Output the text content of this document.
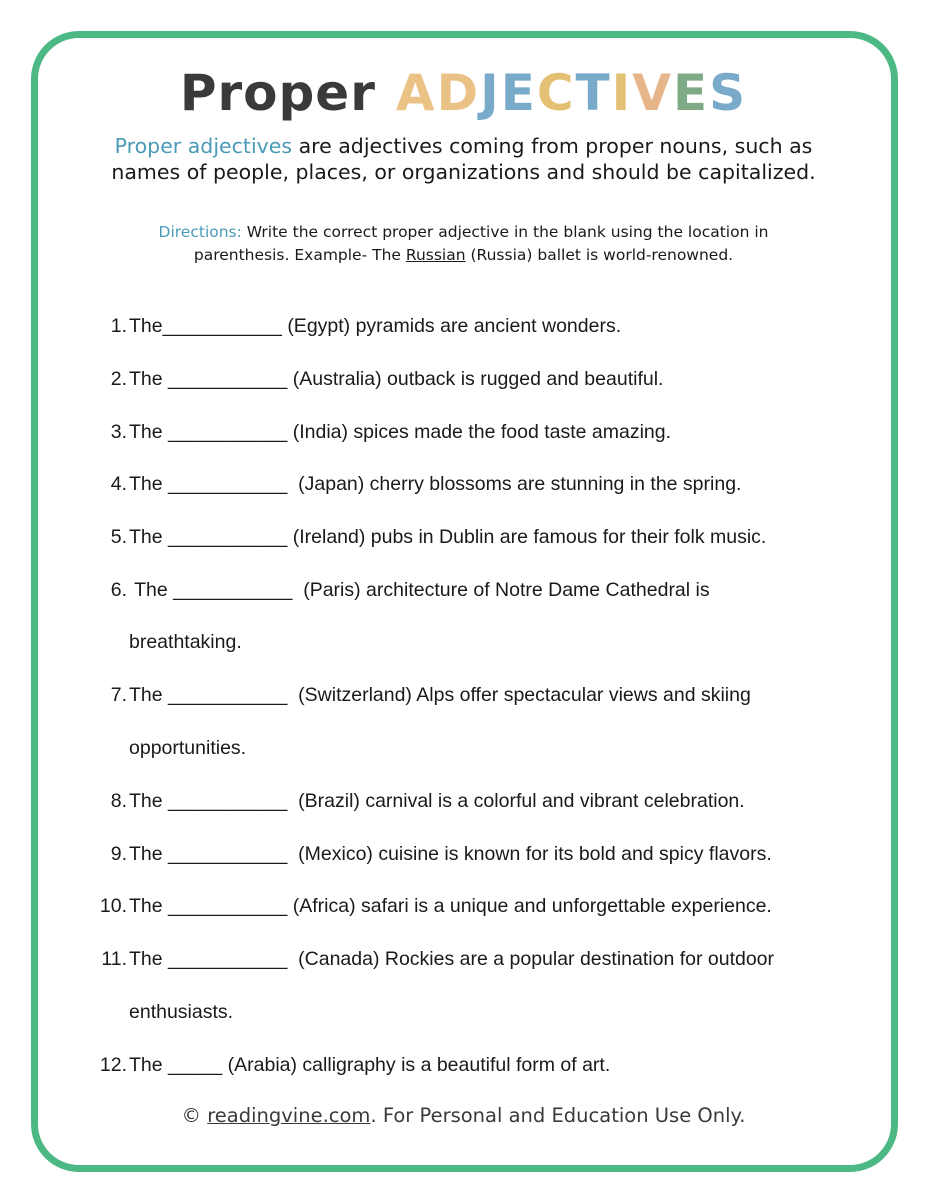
Proper ADJECTIVES
Proper adjectives are adjectives coming from proper nouns, such as names of people, places, or organizations and should be capitalized.
Directions: Write the correct proper adjective in the blank using the location in parenthesis. Example- The Russian (Russia) ballet is world-renowned.
1. The___________ (Egypt) pyramids are ancient wonders.
2. The ___________ (Australia) outback is rugged and beautiful.
3. The ___________ (India) spices made the food taste amazing.
4. The ___________  (Japan) cherry blossoms are stunning in the spring.
5. The ___________ (Ireland) pubs in Dublin are famous for their folk music.
6. The ___________  (Paris) architecture of Notre Dame Cathedral is
breathtaking.
7. The ___________  (Switzerland) Alps offer spectacular views and skiing
opportunities.
8. The ___________  (Brazil) carnival is a colorful and vibrant celebration.
9. The ___________  (Mexico) cuisine is known for its bold and spicy flavors.
10. The ___________ (Africa) safari is a unique and unforgettable experience.
11. The ___________  (Canada) Rockies are a popular destination for outdoor
enthusiasts.
12. The _____ (Arabia) calligraphy is a beautiful form of art.
© readingvine.com. For Personal and Education Use Only.
